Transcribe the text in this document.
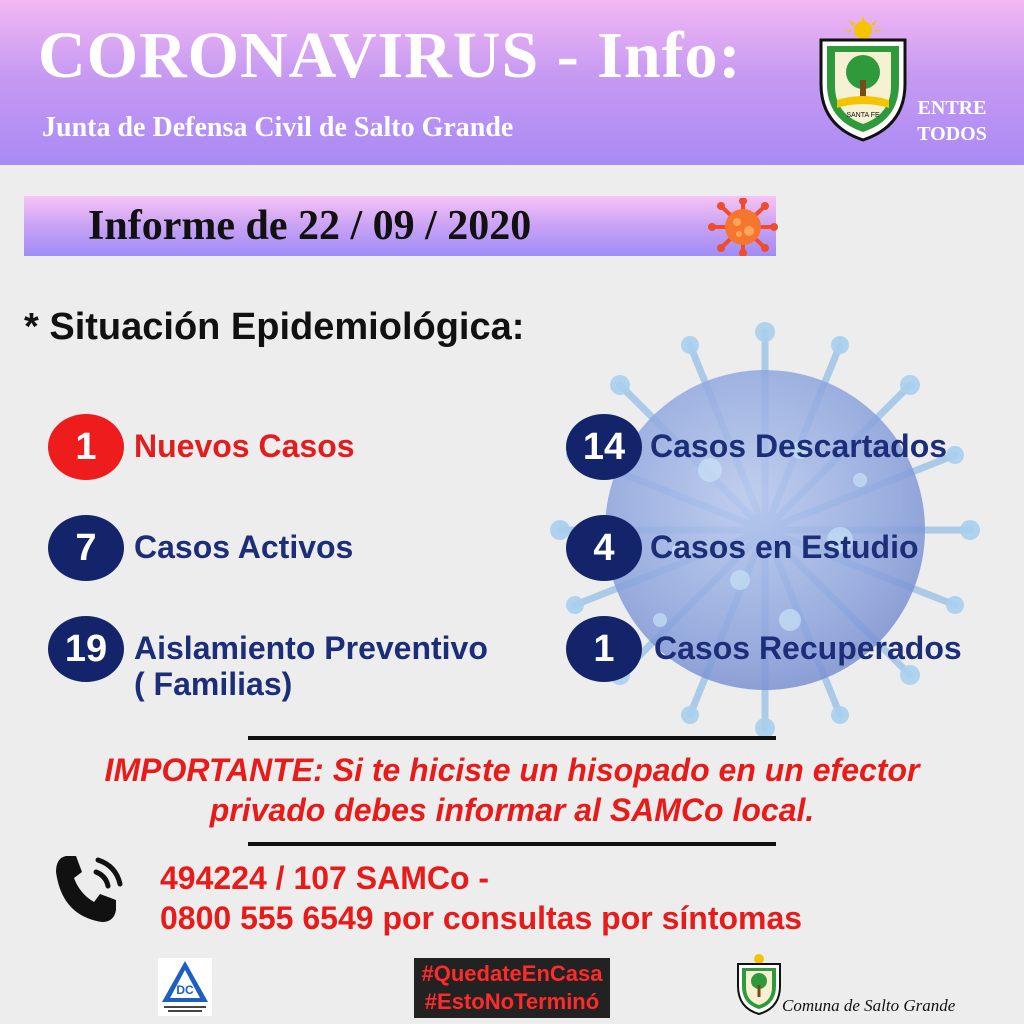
CORONAVIRUS - Info:
Junta de Defensa Civil de Salto Grande	SANTA FE	ENTRE
TODOS
Informe de 22 / 09 / 2020
* Situación Epidemiológica:
1	Nuevos Casos
7	Casos Activos
19 Aislamiento Preventivo
( Familias)
14 Casos Descartados
4	Casos en Estudio
1	Casos Recuperados
IMPORTANTE: Si te hiciste un hisopado en un efector
privado debes informar al SAMCo local.
494224 / 107 SAMCo -
0800 555 6549 por consultas por síntomas
DC
#QuedateEnCasa
#EstoNoTerminó	Comuna de Salto Grande
